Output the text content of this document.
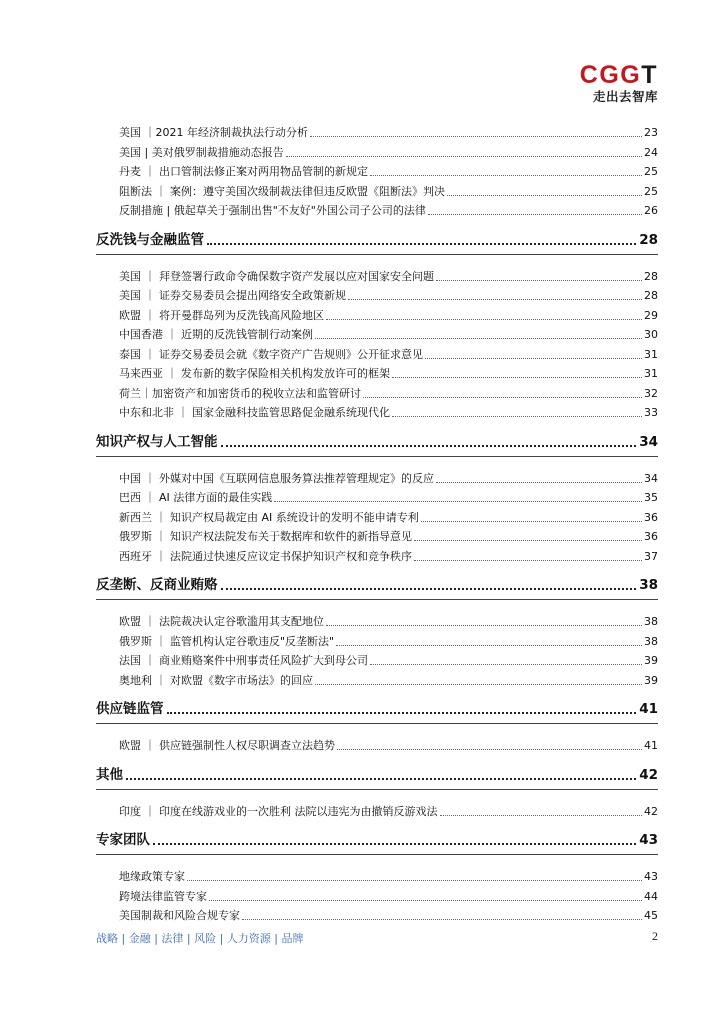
CGGT
走出去智库
美国 ｜2021 年经济制裁执法行动分析	23
美国 | 美对俄罗制裁措施动态报告	24
丹麦 ｜ 出口管制法修正案对两用物品管制的新规定	25
阻断法 ｜ 案例：遵守美国次级制裁法律但违反欧盟《阻断法》判决	25
反制措施 | 俄起草关于强制出售"不友好"外国公司子公司的法律	26
反洗钱与金融监管	28
美国 ｜ 拜登签署行政命令确保数字资产发展以应对国家安全问题	28
美国 ｜ 证券交易委员会提出网络安全政策新规	28
欧盟 ｜ 将开曼群岛列为反洗钱高风险地区	29
中国香港 ｜ 近期的反洗钱管制行动案例	30
泰国 ｜ 证券交易委员会就《数字资产广告规则》公开征求意见	31
马来西亚 ｜ 发布新的数字保险相关机构发放许可的框架	31
荷兰｜加密资产和加密货币的税收立法和监管研讨	32
中东和北非 ｜ 国家金融科技监管思路促金融系统现代化	33
知识产权与人工智能	34
中国 ｜ 外媒对中国《互联网信息服务算法推荐管理规定》的反应	34
巴西 ｜ AI 法律方面的最佳实践	35
新西兰 ｜ 知识产权局裁定由 AI 系统设计的发明不能申请专利	36
俄罗斯 ｜ 知识产权法院发布关于数据库和软件的新指导意见	36
西班牙 ｜ 法院通过快速反应议定书保护知识产权和竞争秩序	37
反垄断、反商业贿赂	38
欧盟 ｜ 法院裁决认定谷歌滥用其支配地位	38
俄罗斯 ｜ 监管机构认定谷歌违反"反垄断法"	38
法国 ｜ 商业贿赂案件中刑事责任风险扩大到母公司	39
奥地利 ｜ 对欧盟《数字市场法》的回应	39
供应链监管	41
欧盟 ｜ 供应链强制性人权尽职调查立法趋势	41
其他	42
印度 ｜ 印度在线游戏业的一次胜利 法院以违宪为由撤销反游戏法	42
专家团队	43
地缘政策专家	43
跨境法律监管专家	44
美国制裁和风险合规专家	45
战略 | 金融 | 法律 | 风险 | 人力资源 | 品牌	2
